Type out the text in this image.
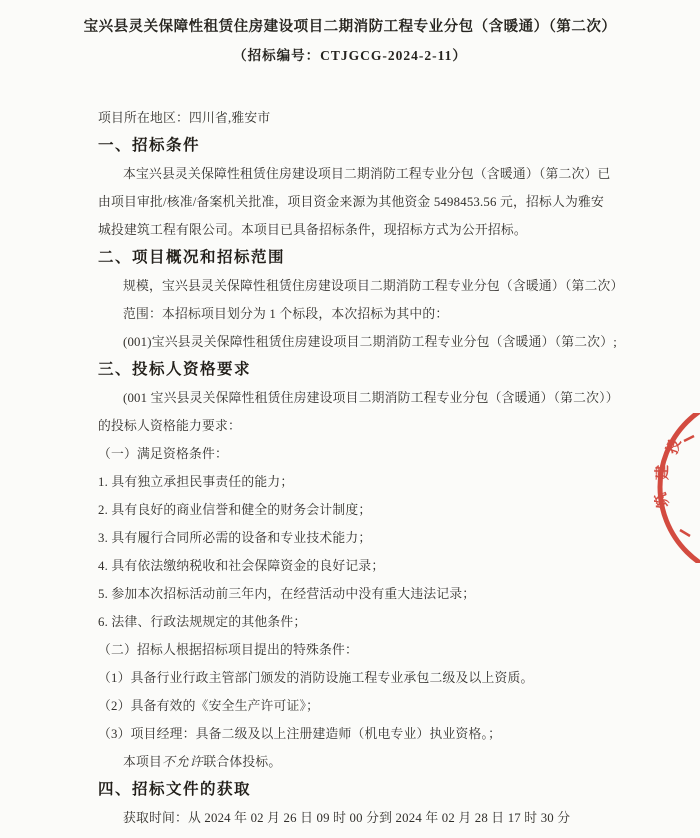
宝兴县灵关保障性租赁住房建设项目二期消防工程专业分包（含暖通）（第二次）
（招标编号：CTJGCG-2024-2-11）
项目所在地区：四川省,雅安市
一、招标条件
本宝兴县灵关保障性租赁住房建设项目二期消防工程专业分包（含暖通）（第二次）已
由项目审批/核准/备案机关批准，项目资金来源为其他资金 5498453.56 元，招标人为雅安
城投建筑工程有限公司。本项目已具备招标条件，现招标方式为公开招标。
二、项目概况和招标范围
规模，宝兴县灵关保障性租赁住房建设项目二期消防工程专业分包（含暖通）（第二次）
范围：本招标项目划分为 1 个标段，本次招标为其中的：
(001)宝兴县灵关保障性租赁住房建设项目二期消防工程专业分包（含暖通）（第二次）;
三、投标人资格要求
(001 宝兴县灵关保障性租赁住房建设项目二期消防工程专业分包（含暖通）（第二次））
的投标人资格能力要求：
（一）满足资格条件：
1. 具有独立承担民事责任的能力；
2. 具有良好的商业信誉和健全的财务会计制度；
3. 具有履行合同所必需的设备和专业技术能力；
4. 具有依法缴纳税收和社会保障资金的良好记录；
5. 参加本次招标活动前三年内，在经营活动中没有重大违法记录；
6. 法律、行政法规规定的其他条件；
（二）招标人根据招标项目提出的特殊条件：
（1）具备行业行政主管部门颁发的消防设施工程专业承包二级及以上资质。
（2）具备有效的《安全生产许可证》；
（3）项目经理：具备二级及以上注册建造师（机电专业）执业资格。；
本项目不允许联合体投标。
四、招标文件的获取
获取时间：从 2024 年 02 月 26 日 09 时 00 分到 2024 年 02 月 28 日 17 时 30 分
投
建
筑
